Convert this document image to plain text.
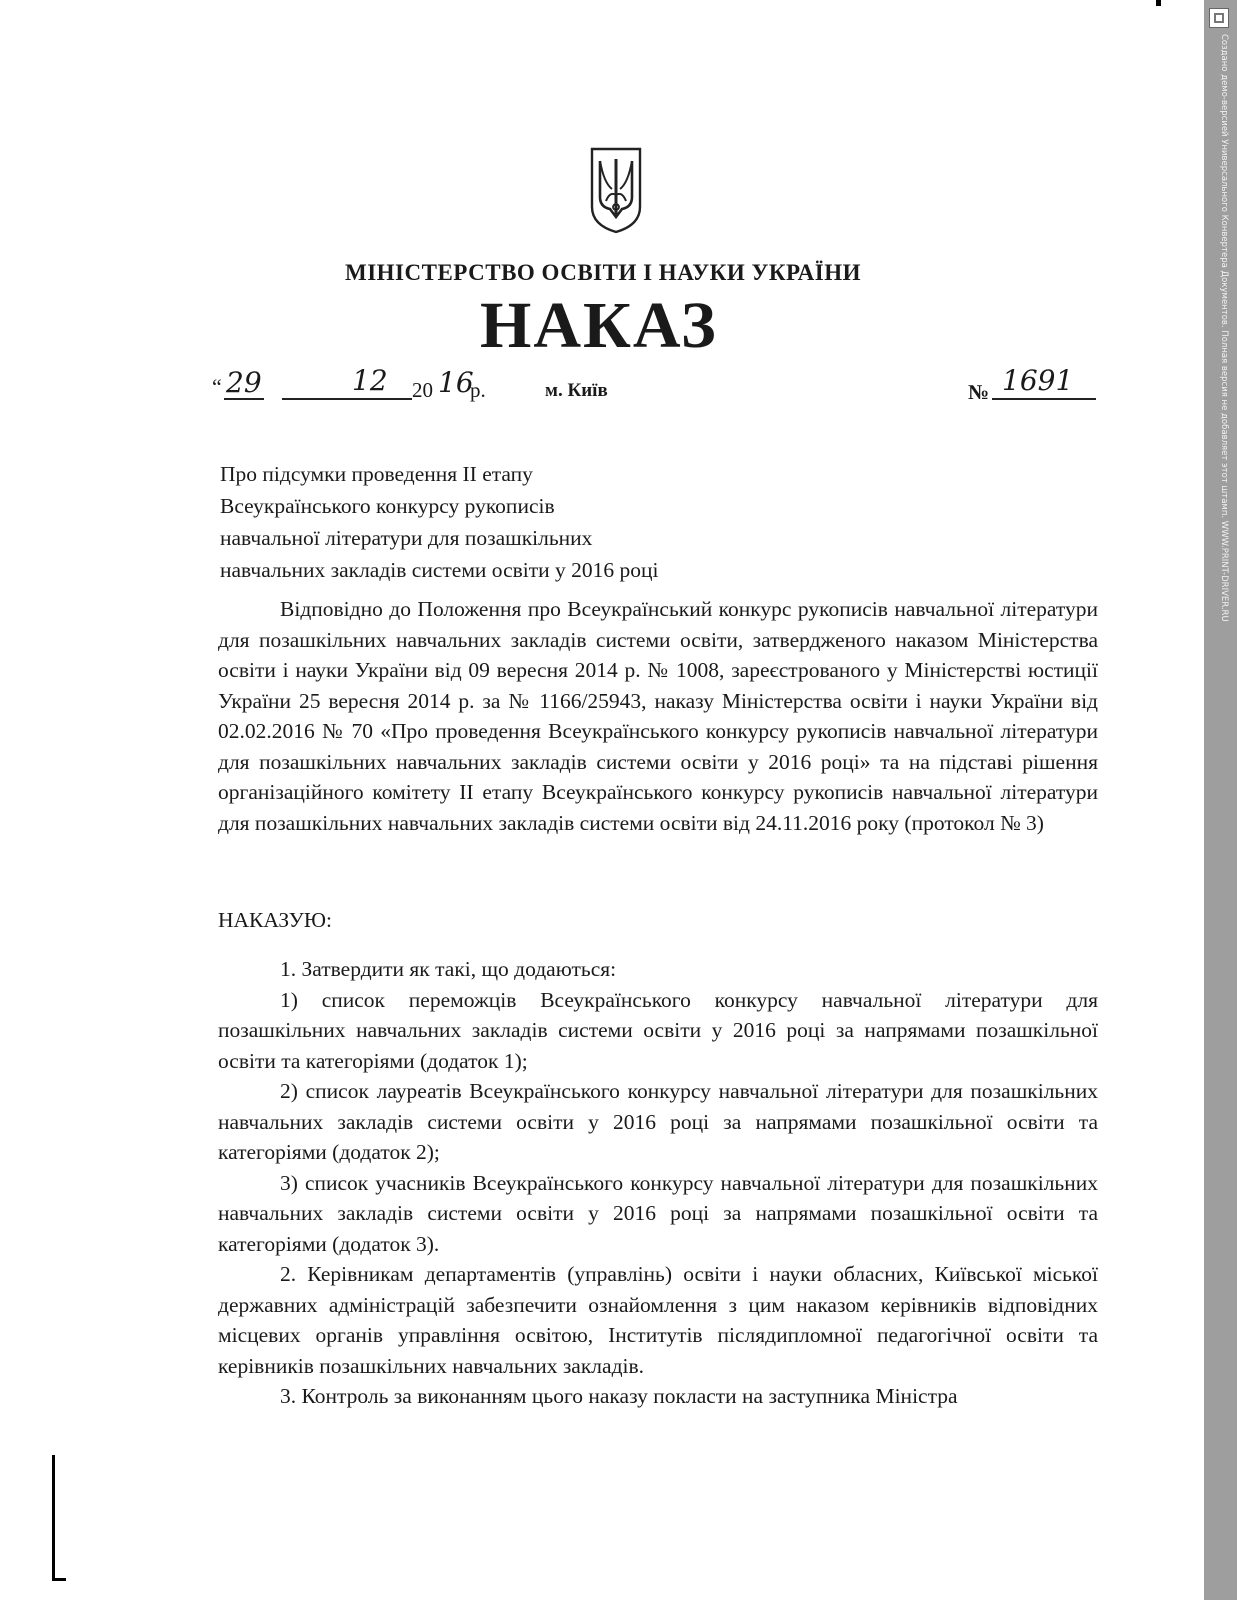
Создано демо-версией Универсального Конвертера Документов. Полная версия не добавляет этот штамп. WWW.PRINT-DRIVER.RU
МІНІСТЕРСТВО ОСВІТИ І НАУКИ УКРАЇНИ
НАКАЗ
“ 29	12 20 16
р.	м. Київ	№ 1691
Про підсумки проведення ІІ етапу
Всеукраїнського конкурсу рукописів
навчальної літератури для позашкільних
навчальних закладів системи освіти у 2016 році

Відповідно до Положення про Всеукраїнський конкурс рукописів навчальної літератури для позашкільних навчальних закладів системи освіти, затвердженого наказом Міністерства освіти і науки України від 09 вересня 2014 р. № 1008, зареєстрованого у Міністерстві юстиції України 25 вересня 2014 р. за № 1166/25943, наказу Міністерства освіти і науки України від 02.02.2016 № 70 «Про проведення Всеукраїнського конкурсу рукописів навчальної літератури для позашкільних навчальних закладів системи освіти у 2016 році» та на підставі рішення організаційного комітету ІІ етапу Всеукраїнського конкурсу рукописів навчальної літератури для позашкільних навчальних закладів системи освіти від 24.11.2016 року (протокол № 3)

НАКАЗУЮ:

1. Затвердити як такі, що додаються:

1) список переможців Всеукраїнського конкурсу навчальної літератури для позашкільних навчальних закладів системи освіти у 2016 році за напрямами позашкільної освіти та категоріями (додаток 1);

2) список лауреатів Всеукраїнського конкурсу навчальної літератури для позашкільних навчальних закладів системи освіти у 2016 році за напрямами позашкільної освіти та категоріями (додаток 2);

3) список учасників Всеукраїнського конкурсу навчальної літератури для позашкільних навчальних закладів системи освіти у 2016 році за напрямами позашкільної освіти та категоріями (додаток 3).

2. Керівникам департаментів (управлінь) освіти і науки обласних, Київської міської державних адміністрацій забезпечити ознайомлення з цим наказом керівників відповідних місцевих органів управління освітою, Інститутів післядипломної педагогічної освіти та керівників позашкільних навчальних закладів.

3. Контроль за виконанням цього наказу покласти на заступника Міністра
